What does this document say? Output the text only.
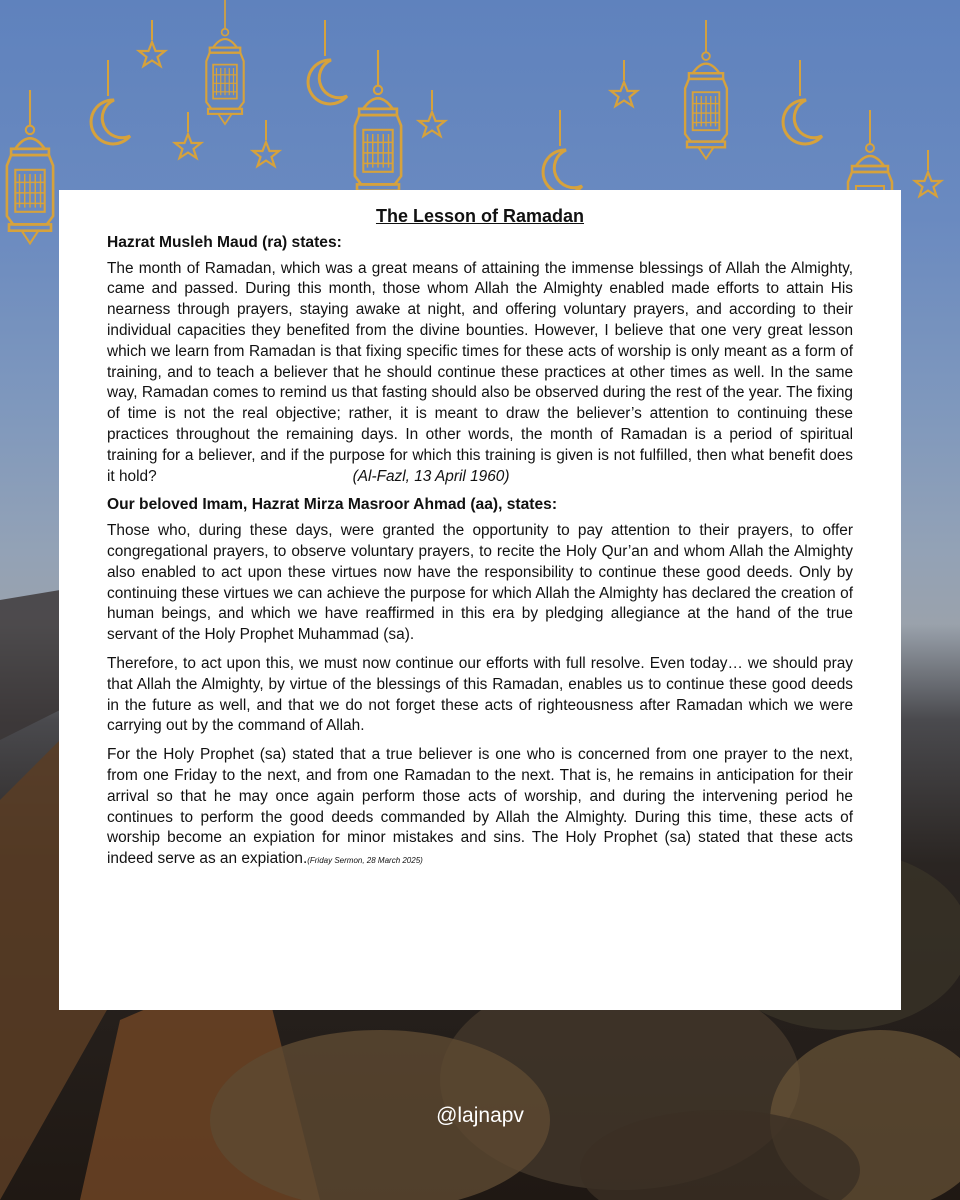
The Lesson of Ramadan
Hazrat Musleh Maud (ra) states:
The month of Ramadan, which was a great means of attaining the immense blessings of Allah the Almighty, came and passed. During this month, those whom Allah the Almighty enabled made efforts to attain His nearness through prayers, staying awake at night, and offering voluntary prayers, and according to their individual capacities they benefited from the divine bounties. However, I believe that one very great lesson which we learn from Ramadan is that fixing specific times for these acts of worship is only meant as a form of training, and to teach a believer that he should continue these practices at other times as well. In the same way, Ramadan comes to remind us that fasting should also be observed during the rest of the year. The fixing of time is not the real objective; rather, it is meant to draw the believer’s attention to continuing these practices throughout the remaining days. In other words, the month of Ramadan is a period of spiritual training for a believer, and if the purpose for which this training is given is not fulfilled, then what benefit does it hold?	(Al-Fazl, 13 April 1960)
Our beloved Imam, Hazrat Mirza Masroor Ahmad (aa), states:
Those who, during these days, were granted the opportunity to pay attention to their prayers, to offer congregational prayers, to observe voluntary prayers, to recite the Holy Qur’an and whom Allah the Almighty also enabled to act upon these virtues now have the responsibility to continue these good deeds. Only by continuing these virtues we can achieve the purpose for which Allah the Almighty has declared the creation of human beings, and which we have reaffirmed in this era by pledging allegiance at the hand of the true servant of the Holy Prophet Muhammad (sa).
Therefore, to act upon this, we must now continue our efforts with full resolve. Even today… we should pray that Allah the Almighty, by virtue of the blessings of this Ramadan, enables us to continue these good deeds in the future as well, and that we do not forget these acts of righteousness after Ramadan which we were carrying out by the command of Allah.
For the Holy Prophet (sa) stated that a true believer is one who is concerned from one prayer to the next, from one Friday to the next, and from one Ramadan to the next. That is, he remains in anticipation for their arrival so that he may once again perform those acts of worship, and during the intervening period he continues to perform the good deeds commanded by Allah the Almighty. During this time, these acts of worship become an expiation for minor mistakes and sins. The Holy Prophet (sa) stated that these acts indeed serve as an expiation.(Friday Sermon, 28 March 2025)
@lajnapv
